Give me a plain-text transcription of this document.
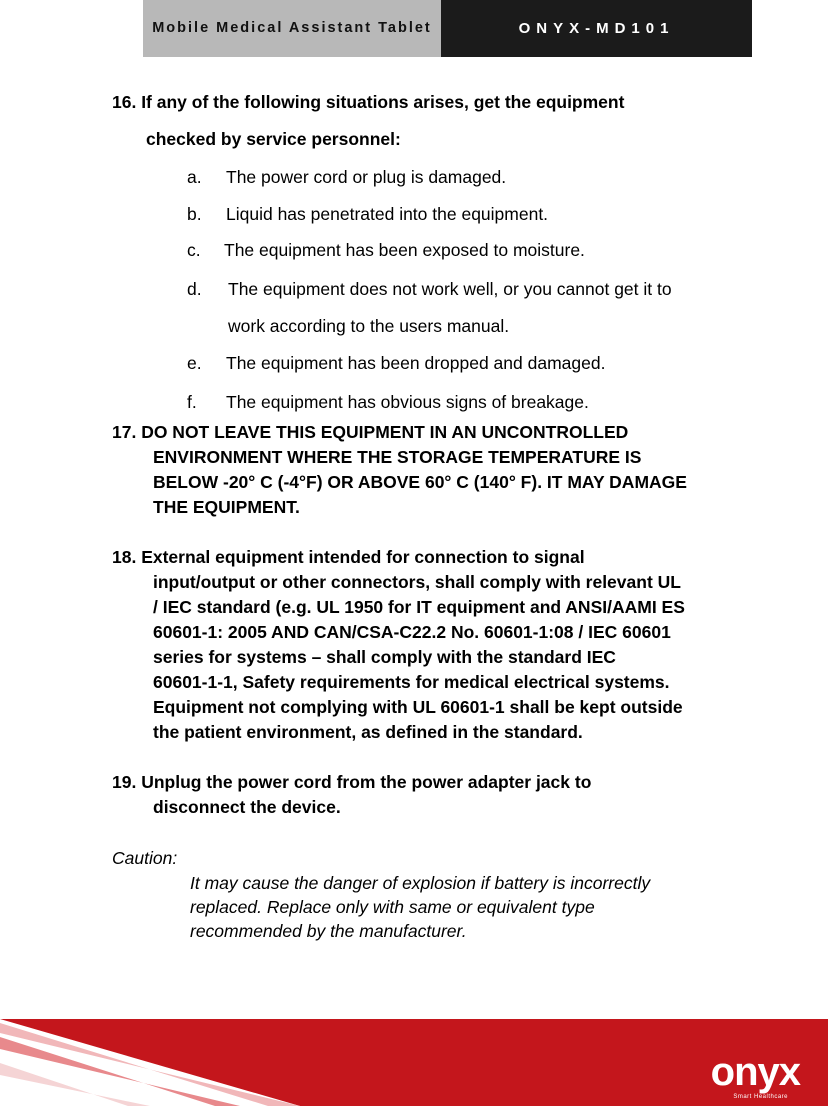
Mobile Medical Assistant Tablet	ONYX-MD101
16. If any of the following situations arises, get the equipment
checked by service personnel:
a. The power cord or plug is damaged.
b. Liquid has penetrated into the equipment.
c. The equipment has been exposed to moisture.
d. The equipment does not work well, or you cannot get it to
work according to the users manual.
e. The equipment has been dropped and damaged.
f. The equipment has obvious signs of breakage.
17. DO NOT LEAVE THIS EQUIPMENT IN AN UNCONTROLLED
ENVIRONMENT WHERE THE STORAGE TEMPERATURE IS
BELOW -20° C (-4°F) OR ABOVE 60° C (140° F). IT MAY DAMAGE
THE EQUIPMENT.
18. External equipment intended for connection to signal
input/output or other connectors, shall comply with relevant UL
/ IEC standard (e.g. UL 1950 for IT equipment and ANSI/AAMI ES
60601-1: 2005 AND CAN/CSA-C22.2 No. 60601-1:08 / IEC 60601
series for systems – shall comply with the standard IEC
60601-1-1, Safety requirements for medical electrical systems.
Equipment not complying with UL 60601-1 shall be kept outside
the patient environment, as defined in the standard.
19. Unplug the power cord from the power adapter jack to
disconnect the device.
Caution:
It may cause the danger of explosion if battery is incorrectly
replaced. Replace only with same or equivalent type
recommended by the manufacturer.
onyx
Smart Healthcare
